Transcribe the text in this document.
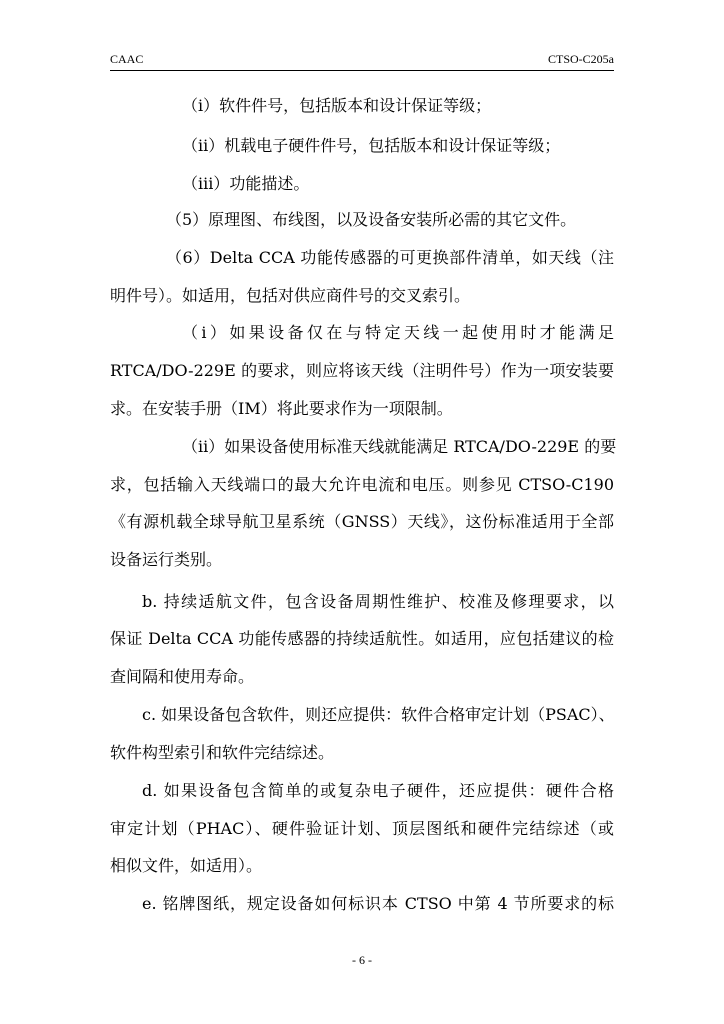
CAAC	CTSO-C205a
（i）软件件号，包括版本和设计保证等级；
（ii）机载电子硬件件号，包括版本和设计保证等级；
（iii）功能描述。
（5）原理图、布线图，以及设备安装所必需的其它文件。
（6）Delta CCA 功能传感器的可更换部件清单，如天线（注
明件号）。如适用，包括对供应商件号的交叉索引。
（i）如果设备仅在与特定天线一起使用时才能满足
RTCA/DO-229E 的要求，则应将该天线（注明件号）作为一项安装要
求。在安装手册（IM）将此要求作为一项限制。
（ii）如果设备使用标准天线就能满足 RTCA/DO-229E 的要
求，包括输入天线端口的最大允许电流和电压。则参见 CTSO-C190
《有源机载全球导航卫星系统（GNSS）天线》，这份标准适用于全部
设备运行类别。
b. 持续适航文件，包含设备周期性维护、校准及修理要求，以
保证 Delta CCA 功能传感器的持续适航性。如适用，应包括建议的检
查间隔和使用寿命。
c. 如果设备包含软件，则还应提供：软件合格审定计划（PSAC）、
软件构型索引和软件完结综述。
d. 如果设备包含简单的或复杂电子硬件，还应提供：硬件合格
审定计划（PHAC）、硬件验证计划、顶层图纸和硬件完结综述（或
相似文件，如适用）。
e. 铭牌图纸，规定设备如何标识本 CTSO 中第 4 节所要求的标
- 6 -
